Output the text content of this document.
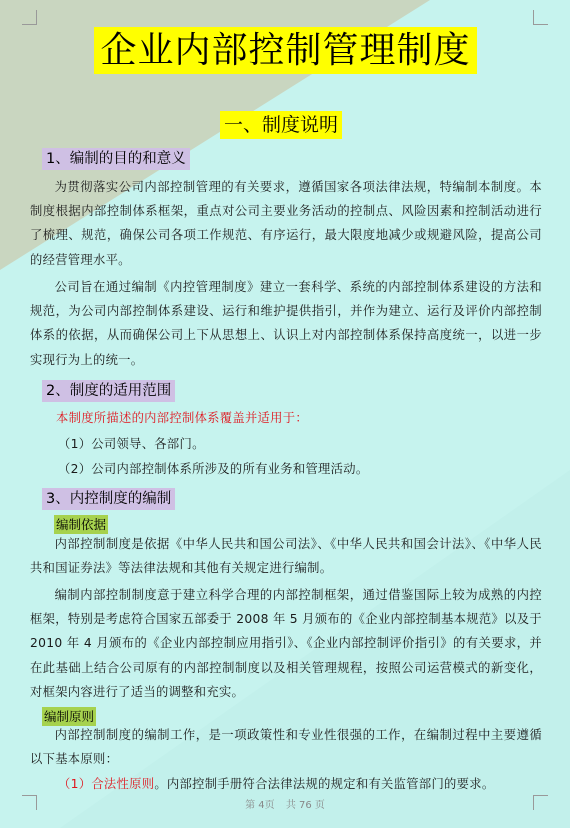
企业内部控制管理制度
一、制度说明
1、编制的目的和意义
为贯彻落实公司内部控制管理的有关要求，遵循国家各项法律法规，特编制本制度。本制度根据内部控制体系框架，重点对公司主要业务活动的控制点、风险因素和控制活动进行了梳理、规范，确保公司各项工作规范、有序运行，最大限度地减少或规避风险，提高公司的经营管理水平。
公司旨在通过编制《内控管理制度》建立一套科学、系统的内部控制体系建设的方法和规范，为公司内部控制体系建设、运行和维护提供指引，并作为建立、运行及评价内部控制体系的依据，从而确保公司上下从思想上、认识上对内部控制体系保持高度统一，以进一步实现行为上的统一。
2、制度的适用范围
本制度所描述的内部控制体系覆盖并适用于：
（1）公司领导、各部门。
（2）公司内部控制体系所涉及的所有业务和管理活动。
3、内控制度的编制
编制依据
内部控制制度是依据《中华人民共和国公司法》、《中华人民共和国会计法》、《中华人民共和国证券法》等法律法规和其他有关规定进行编制。
编制内部控制制度意于建立科学合理的内部控制框架，通过借鉴国际上较为成熟的内控框架，特别是考虑符合国家五部委于 2008 年 5 月颁布的《企业内部控制基本规范》以及于 2010 年 4 月颁布的《企业内部控制应用指引》、《企业内部控制评价指引》的有关要求，并在此基础上结合公司原有的内部控制制度以及相关管理规程，按照公司运营模式的新变化，对框架内容进行了适当的调整和充实。
编制原则
内部控制制度的编制工作，是一项政策性和专业性很强的工作，在编制过程中主要遵循以下基本原则：
（1）合法性原则。内部控制手册符合法律法规的规定和有关监管部门的要求。
第 4页 共 76 页
